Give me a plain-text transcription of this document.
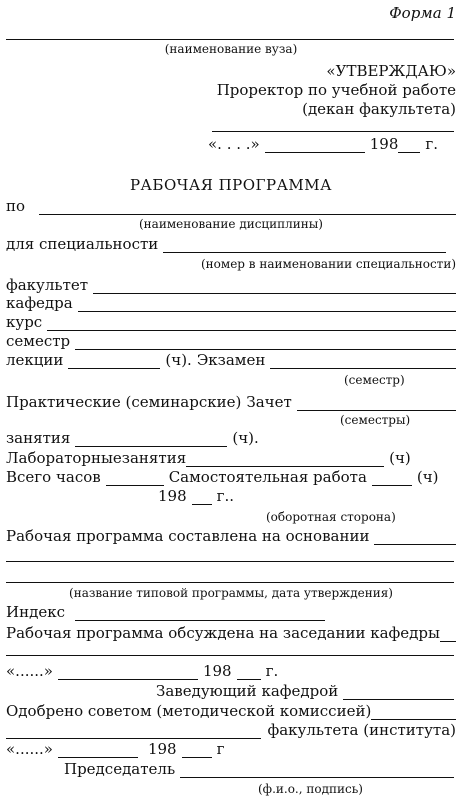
Форма 1
(наименование вуза)
«УТВЕРЖДАЮ»
Проректор по учебной работе
(декан факультета)
«. . . .»	198 г.
РАБОЧАЯ ПРОГРАММА
по
(наименование дисциплины)
для специальности
(номер в наименовании специальности)
факультет
кафедра
курс
семестр
лекции	(ч). Экзамен
(семестр)
Практические (семинарские) Зачет
(семестры)
занятия	(ч).
Лабораторныезанятия	(ч)
Всего часов	Самостоятельная работа	(ч)
198 г..
(оборотная сторона)
Рабочая программа составлена на основании
(название типовой программы, дата утверждения)
Индекс
Рабочая программа обсуждена на заседании кафедры
«......»	198 г.
Заведующий кафедрой
Одобрено советом (методической комиссией)
факультета (института)
«......»	198	г
Председатель
(ф.и.о., подпись)
